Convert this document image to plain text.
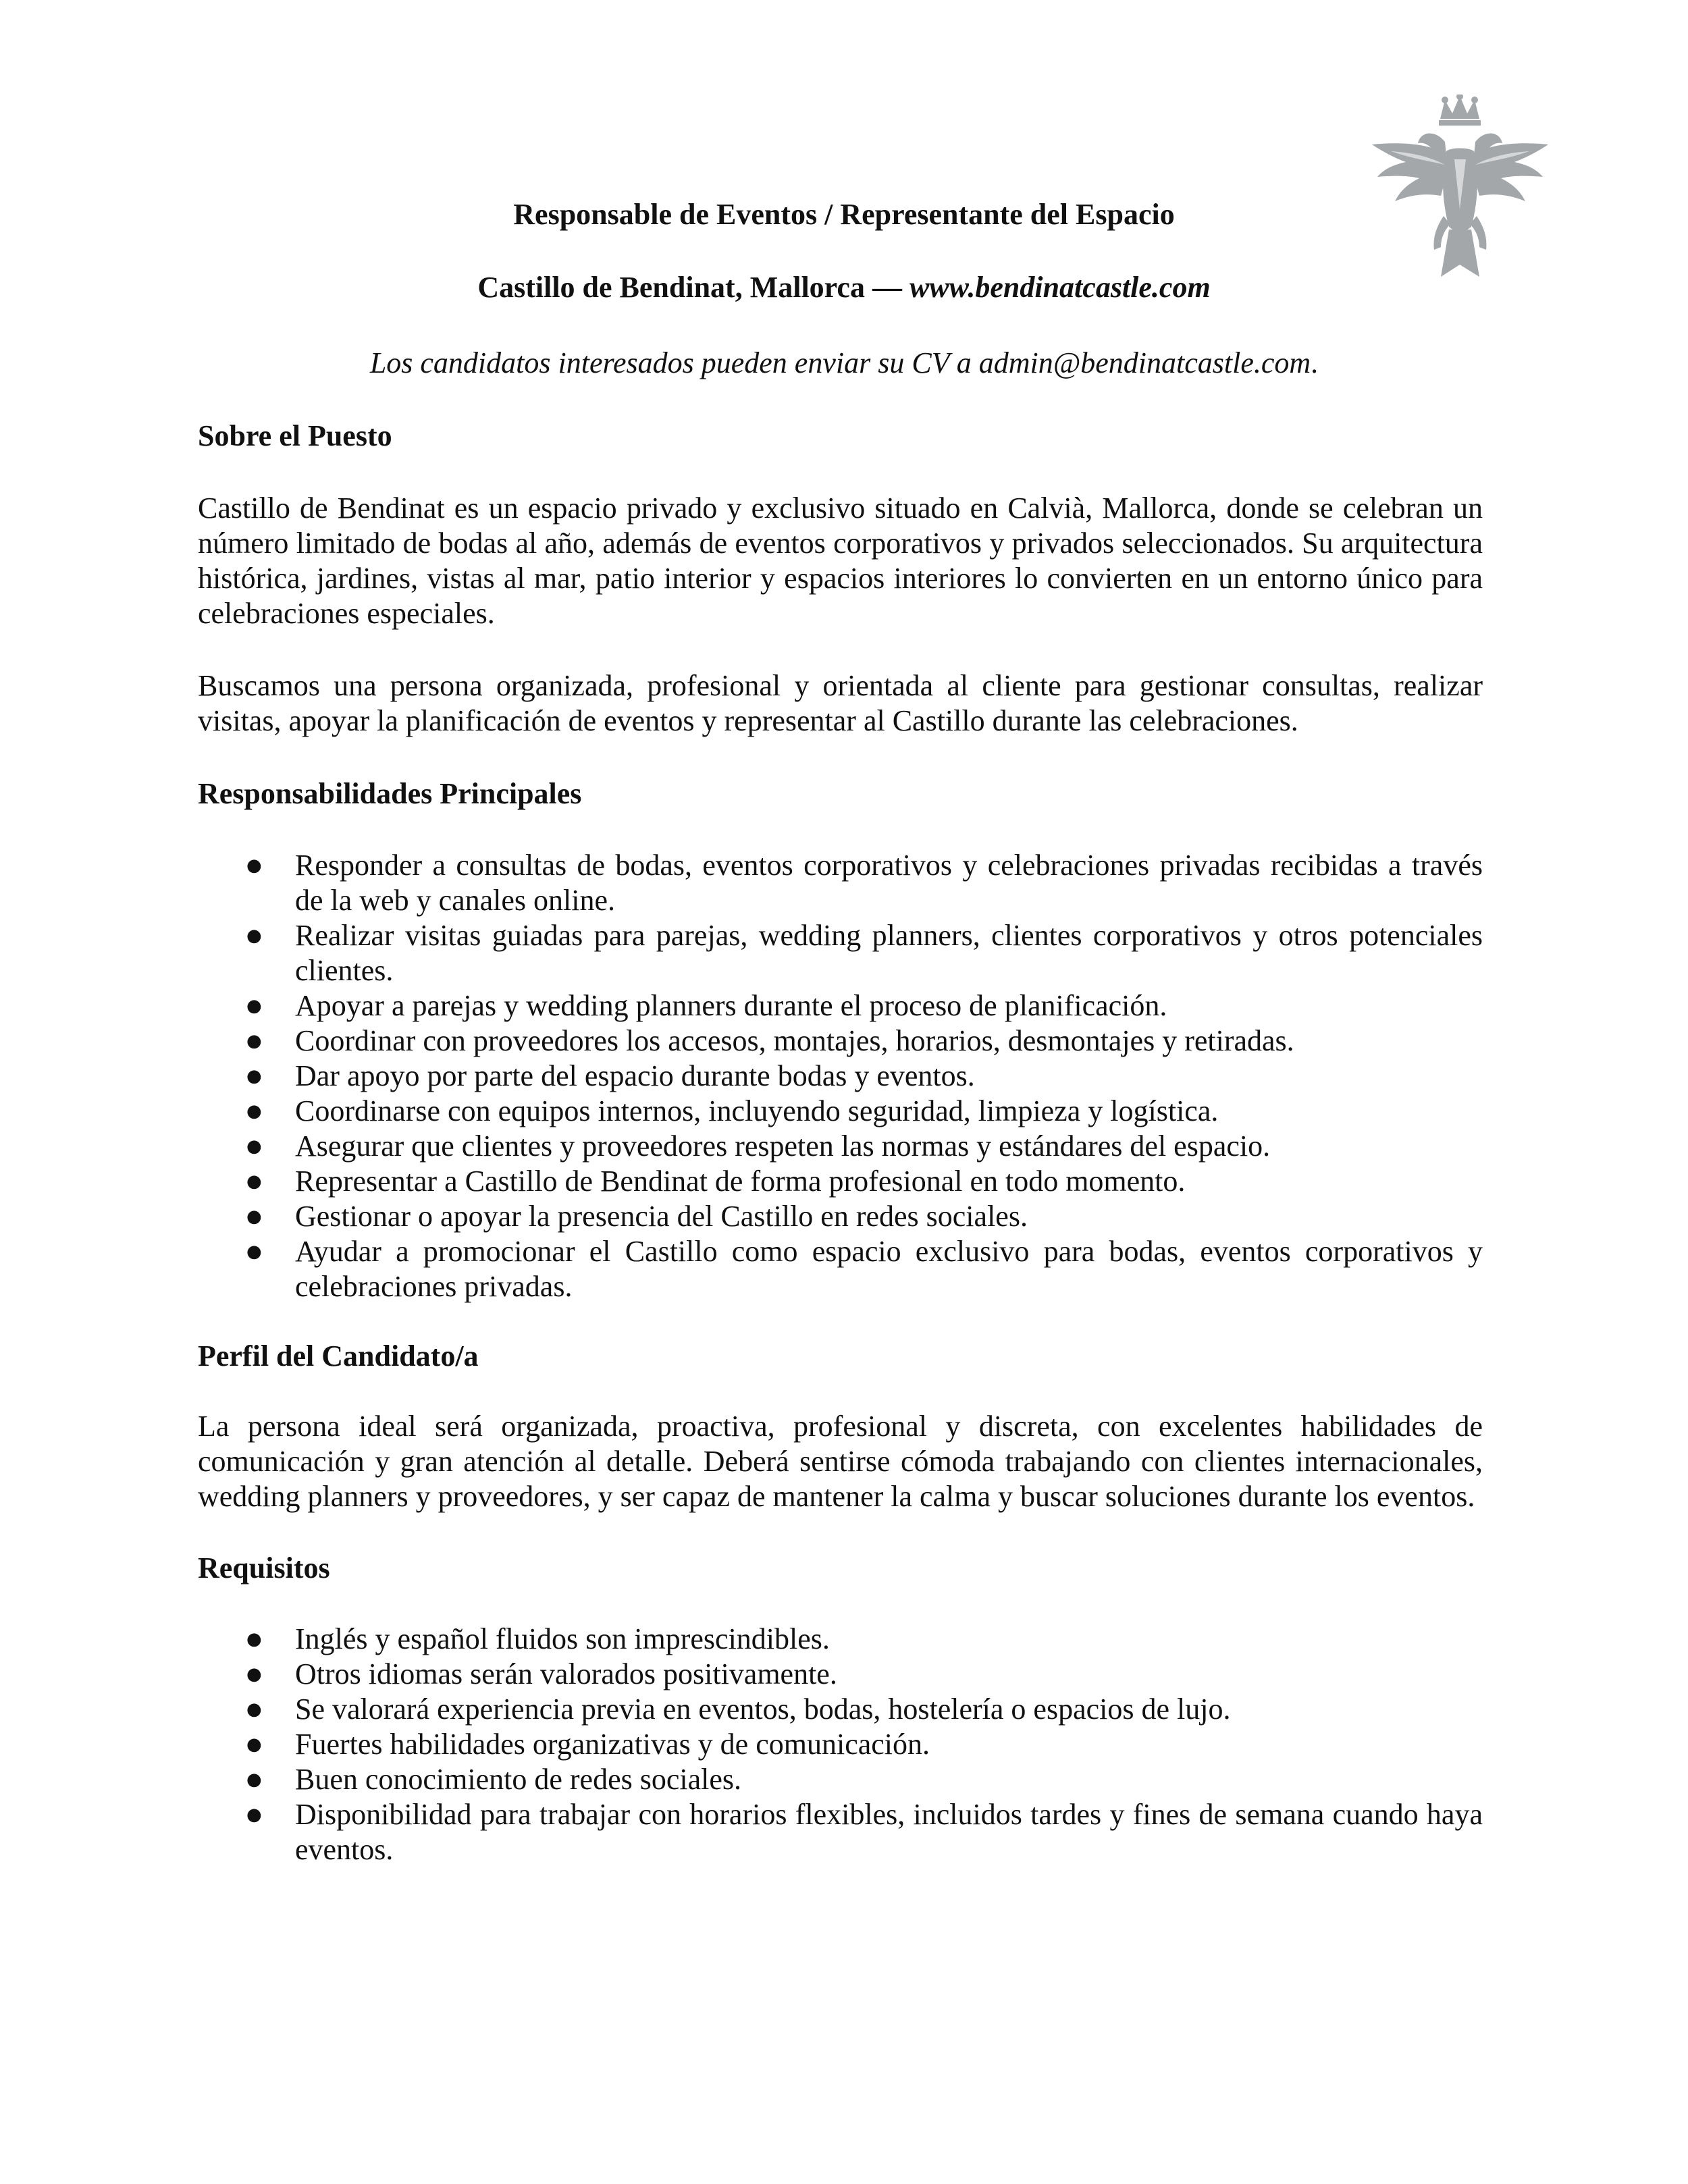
Responsable de Eventos / Representante del Espacio
Castillo de Bendinat, Mallorca — www.bendinatcastle.com
Los candidatos interesados pueden enviar su CV a admin@bendinatcastle.com.
Sobre el Puesto
Castillo de Bendinat es un espacio privado y exclusivo situado en Calvià, Mallorca, donde se celebran un
número limitado de bodas al año, además de eventos corporativos y privados seleccionados. Su arquitectura
histórica, jardines, vistas al mar, patio interior y espacios interiores lo convierten en un entorno único para
celebraciones especiales.
Buscamos una persona organizada, profesional y orientada al cliente para gestionar consultas, realizar
visitas, apoyar la planificación de eventos y representar al Castillo durante las celebraciones.
Responsabilidades Principales
● Responder a consultas de bodas, eventos corporativos y celebraciones privadas recibidas a través
de la web y canales online.
● Realizar visitas guiadas para parejas, wedding planners, clientes corporativos y otros potenciales
clientes.
● Apoyar a parejas y wedding planners durante el proceso de planificación.
● Coordinar con proveedores los accesos, montajes, horarios, desmontajes y retiradas.
● Dar apoyo por parte del espacio durante bodas y eventos.
● Coordinarse con equipos internos, incluyendo seguridad, limpieza y logística.
● Asegurar que clientes y proveedores respeten las normas y estándares del espacio.
● Representar a Castillo de Bendinat de forma profesional en todo momento.
● Gestionar o apoyar la presencia del Castillo en redes sociales.
● Ayudar a promocionar el Castillo como espacio exclusivo para bodas, eventos corporativos y
celebraciones privadas.
Perfil del Candidato/a
La persona ideal será organizada, proactiva, profesional y discreta, con excelentes habilidades de
comunicación y gran atención al detalle. Deberá sentirse cómoda trabajando con clientes internacionales,
wedding planners y proveedores, y ser capaz de mantener la calma y buscar soluciones durante los eventos.
Requisitos
● Inglés y español fluidos son imprescindibles.
● Otros idiomas serán valorados positivamente.
● Se valorará experiencia previa en eventos, bodas, hostelería o espacios de lujo.
● Fuertes habilidades organizativas y de comunicación.
● Buen conocimiento de redes sociales.
● Disponibilidad para trabajar con horarios flexibles, incluidos tardes y fines de semana cuando haya
eventos.
